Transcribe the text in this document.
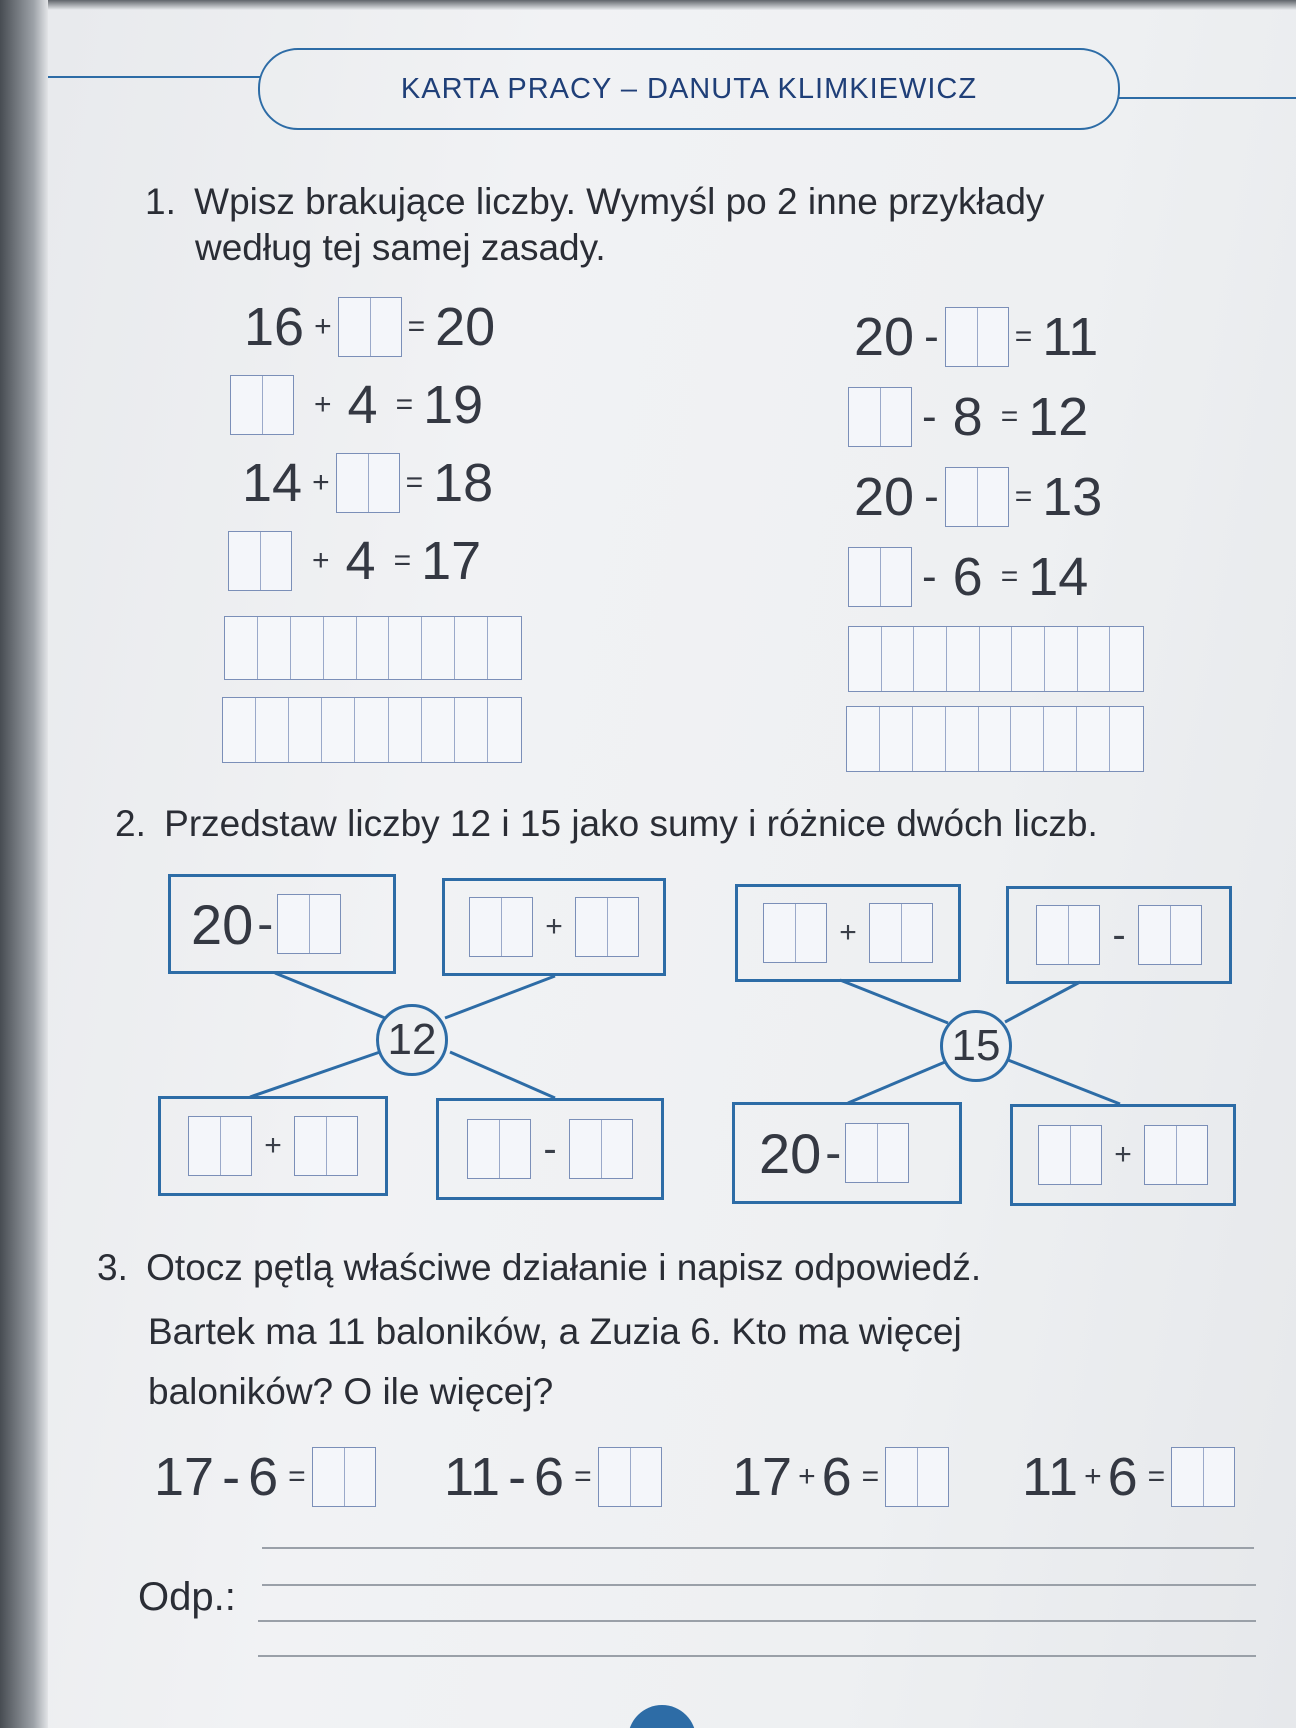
KARTA PRACY – DANUTA KLIMKIEWICZ
1. Wpisz brakujące liczby. Wymyśl po 2 inne przykłady
według tej samej zasady.
16 +	= 20
+ 4 = 19
14 +	= 18
+ 4 = 17
20 -	= 11
- 8 = 12
20 -	= 13
- 6 = 14
2. Przedstaw liczby 12 i 15 jako sumy i różnice dwóch liczb.
20 -	+
12
+	-
+	-
15
20 -	+
3. Otocz pętlą właściwe działanie i napisz odpowiedź.
Bartek ma 11 baloników, a Zuzia 6. Kto ma więcej
baloników? O ile więcej?
17 - 6 =	11 - 6 =	17 + 6 =	11 + 6 =
Odp.:
